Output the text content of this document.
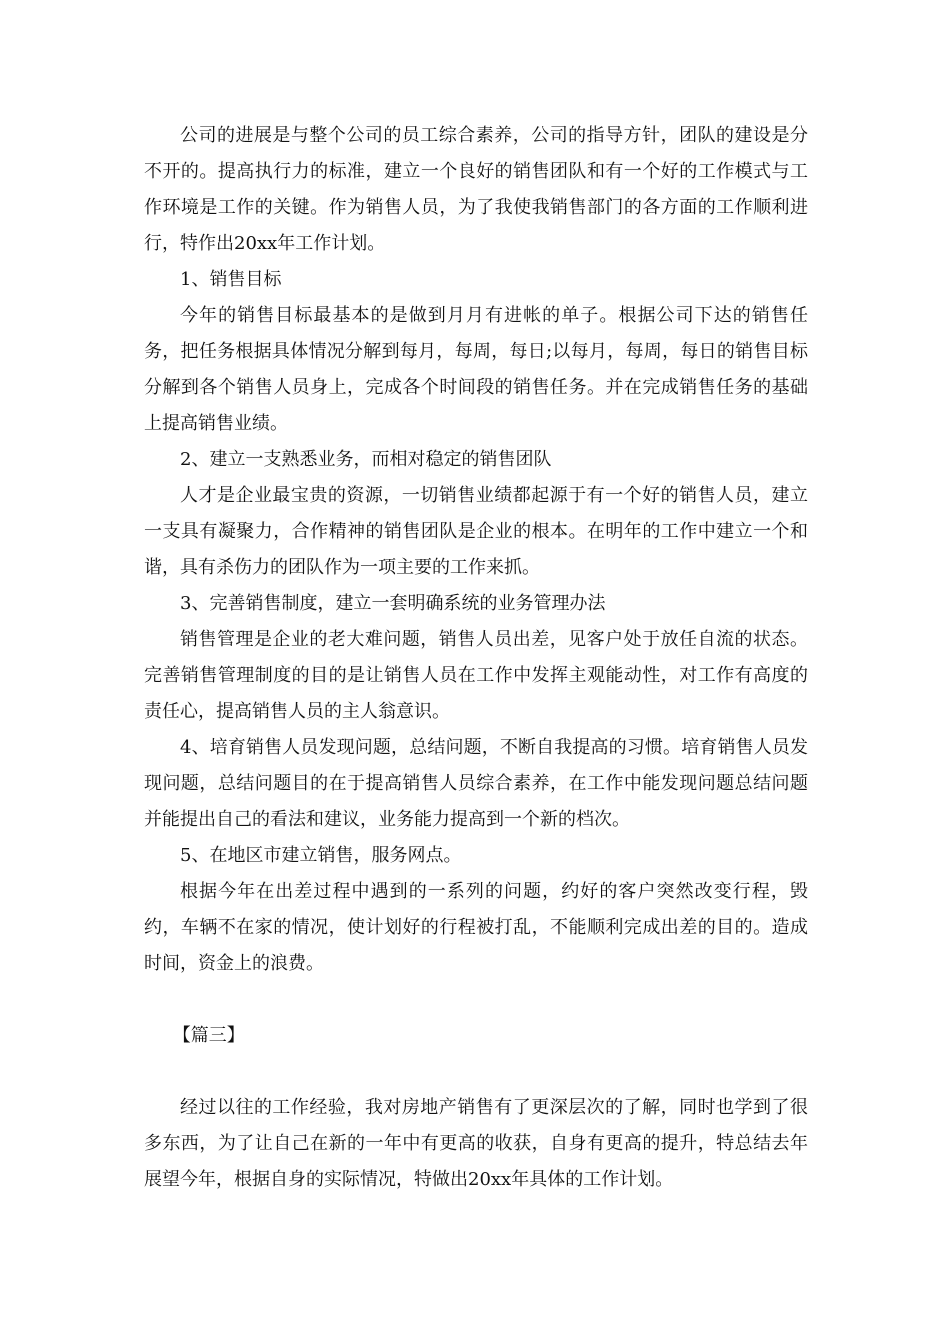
公司的进展是与整个公司的员工综合素养，公司的指导方针，团队的建设是分不开的。提高执行力的标准，建立一个良好的销售团队和有一个好的工作模式与工作环境是工作的关键。作为销售人员，为了我使我销售部门的各方面的工作顺利进行，特作出20xx年工作计划。

1、销售目标

今年的销售目标最基本的是做到月月有进帐的单子。根据公司下达的销售任务，把任务根据具体情况分解到每月，每周，每日;以每月，每周，每日的销售目标分解到各个销售人员身上，完成各个时间段的销售任务。并在完成销售任务的基础上提高销售业绩。

2、建立一支熟悉业务，而相对稳定的销售团队

人才是企业最宝贵的资源，一切销售业绩都起源于有一个好的销售人员，建立一支具有凝聚力，合作精神的销售团队是企业的根本。在明年的工作中建立一个和谐，具有杀伤力的团队作为一项主要的工作来抓。

3、完善销售制度，建立一套明确系统的业务管理办法

销售管理是企业的老大难问题，销售人员出差，见客户处于放任自流的状态。完善销售管理制度的目的是让销售人员在工作中发挥主观能动性，对工作有高度的责任心，提高销售人员的主人翁意识。

4、培育销售人员发现问题，总结问题，不断自我提高的习惯。培育销售人员发现问题，总结问题目的在于提高销售人员综合素养，在工作中能发现问题总结问题并能提出自己的看法和建议，业务能力提高到一个新的档次。

5、在地区市建立销售，服务网点。

根据今年在出差过程中遇到的一系列的问题，约好的客户突然改变行程，毁约，车辆不在家的情况，使计划好的行程被打乱，不能顺利完成出差的目的。造成时间，资金上的浪费。

【篇三】

经过以往的工作经验，我对房地产销售有了更深层次的了解，同时也学到了很多东西，为了让自己在新的一年中有更高的收获，自身有更高的提升，特总结去年展望今年，根据自身的实际情况，特做出20xx年具体的工作计划。
